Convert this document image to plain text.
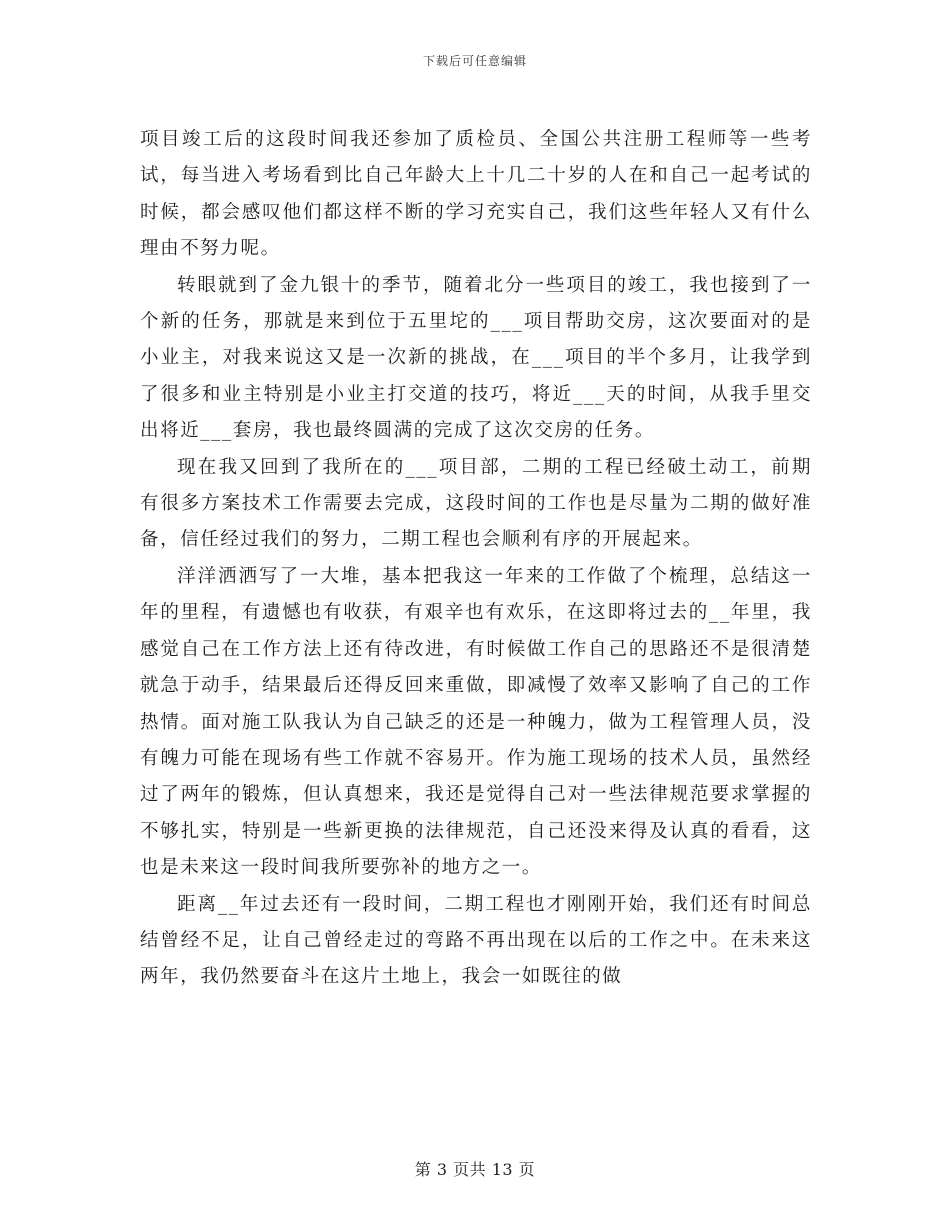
下载后可任意编辑

项目竣工后的这段时间我还参加了质检员、全国公共注册工程师等一些考试，每当进入考场看到比自己年龄大上十几二十岁的人在和自己一起考试的时候，都会感叹他们都这样不断的学习充实自己，我们这些年轻人又有什么理由不努力呢。

转眼就到了金九银十的季节，随着北分一些项目的竣工，我也接到了一个新的任务，那就是来到位于五里坨的___项目帮助交房，这次要面对的是小业主，对我来说这又是一次新的挑战，在___项目的半个多月，让我学到了很多和业主特别是小业主打交道的技巧，将近___天的时间，从我手里交出将近___套房，我也最终圆满的完成了这次交房的任务。

现在我又回到了我所在的___项目部，二期的工程已经破土动工，前期有很多方案技术工作需要去完成，这段时间的工作也是尽量为二期的做好准备，信任经过我们的努力，二期工程也会顺利有序的开展起来。

洋洋洒洒写了一大堆，基本把我这一年来的工作做了个梳理，总结这一年的里程，有遗憾也有收获，有艰辛也有欢乐，在这即将过去的__年里，我感觉自己在工作方法上还有待改进，有时候做工作自己的思路还不是很清楚就急于动手，结果最后还得反回来重做，即减慢了效率又影响了自己的工作热情。面对施工队我认为自己缺乏的还是一种魄力，做为工程管理人员，没有魄力可能在现场有些工作就不容易开。作为施工现场的技术人员，虽然经过了两年的锻炼，但认真想来，我还是觉得自己对一些法律规范要求掌握的不够扎实，特别是一些新更换的法律规范，自己还没来得及认真的看看，这也是未来这一段时间我所要弥补的地方之一。

距离__年过去还有一段时间，二期工程也才刚刚开始，我们还有时间总结曾经不足，让自己曾经走过的弯路不再出现在以后的工作之中。在未来这两年，我仍然要奋斗在这片土地上，我会一如既往的做

第 3 页共 13 页
